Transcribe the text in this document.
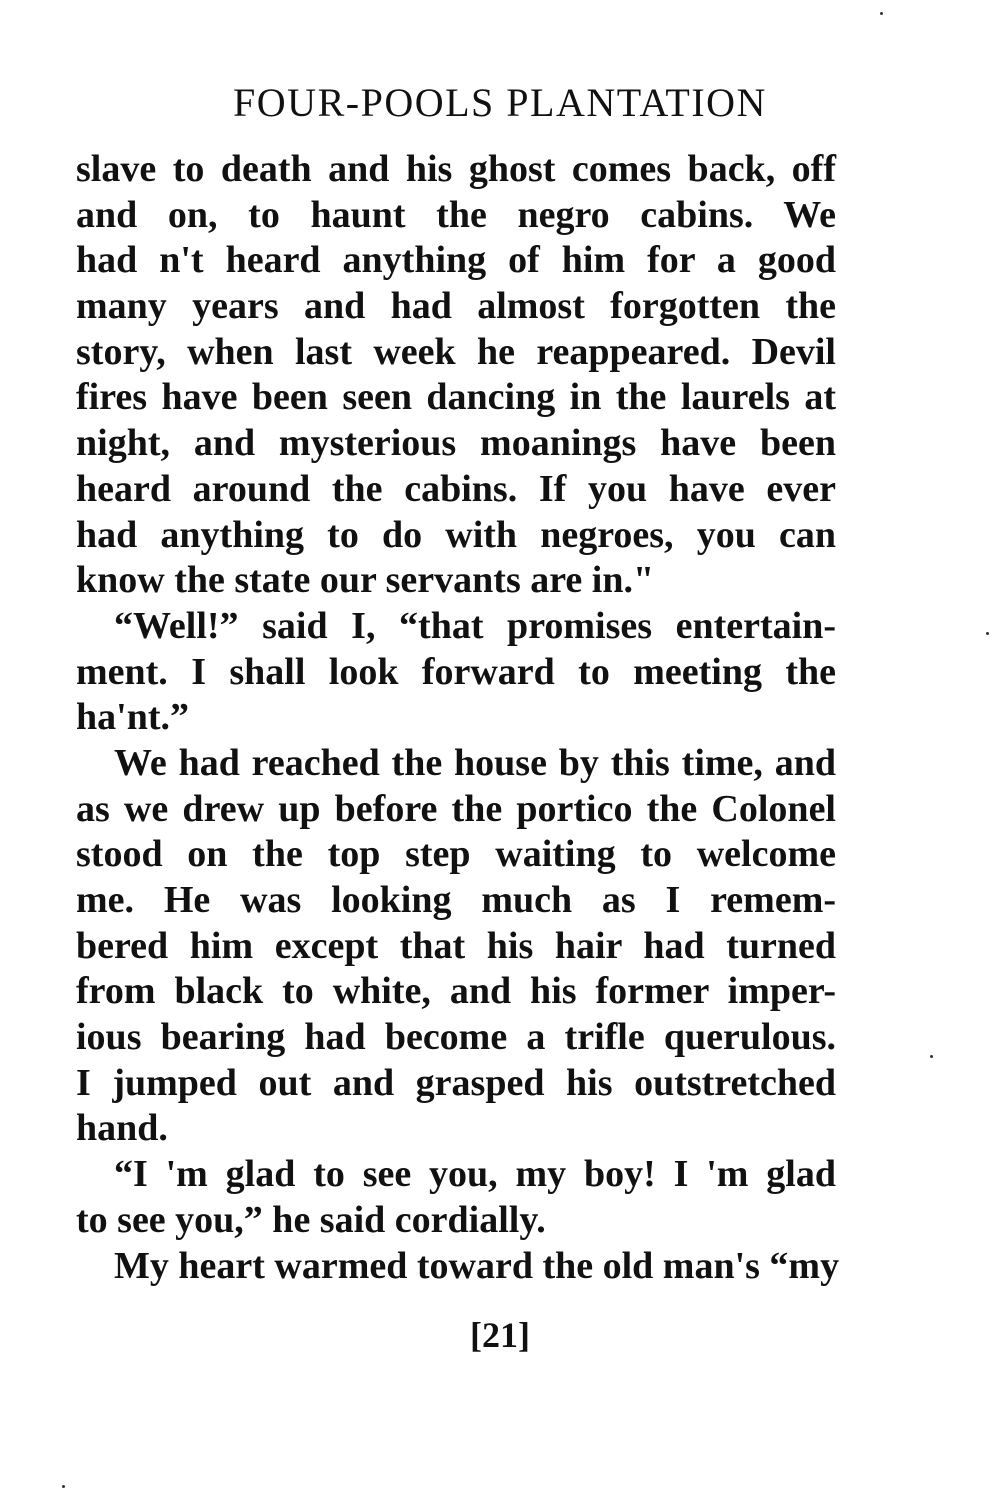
FOUR-POOLS PLANTATION
slave to death and his ghost comes back, off
and on, to haunt the negro cabins. We
had n't heard anything of him for a good
many years and had almost forgotten the
story, when last week he reappeared. Devil
fires have been seen dancing in the laurels at
night, and mysterious moanings have been
heard around the cabins. If you have ever
had anything to do with negroes, you can
know the state our servants are in."
“Well!” said I, “that promises entertain-
ment. I shall look forward to meeting the
ha'nt.”
We had reached the house by this time, and
as we drew up before the portico the Colonel
stood on the top step waiting to welcome
me. He was looking much as I remem-
bered him except that his hair had turned
from black to white, and his former imper-
ious bearing had become a trifle querulous.
I jumped out and grasped his outstretched
hand.
“I 'm glad to see you, my boy! I 'm glad
to see you,” he said cordially.
My heart warmed toward the old man's “my
[21]
